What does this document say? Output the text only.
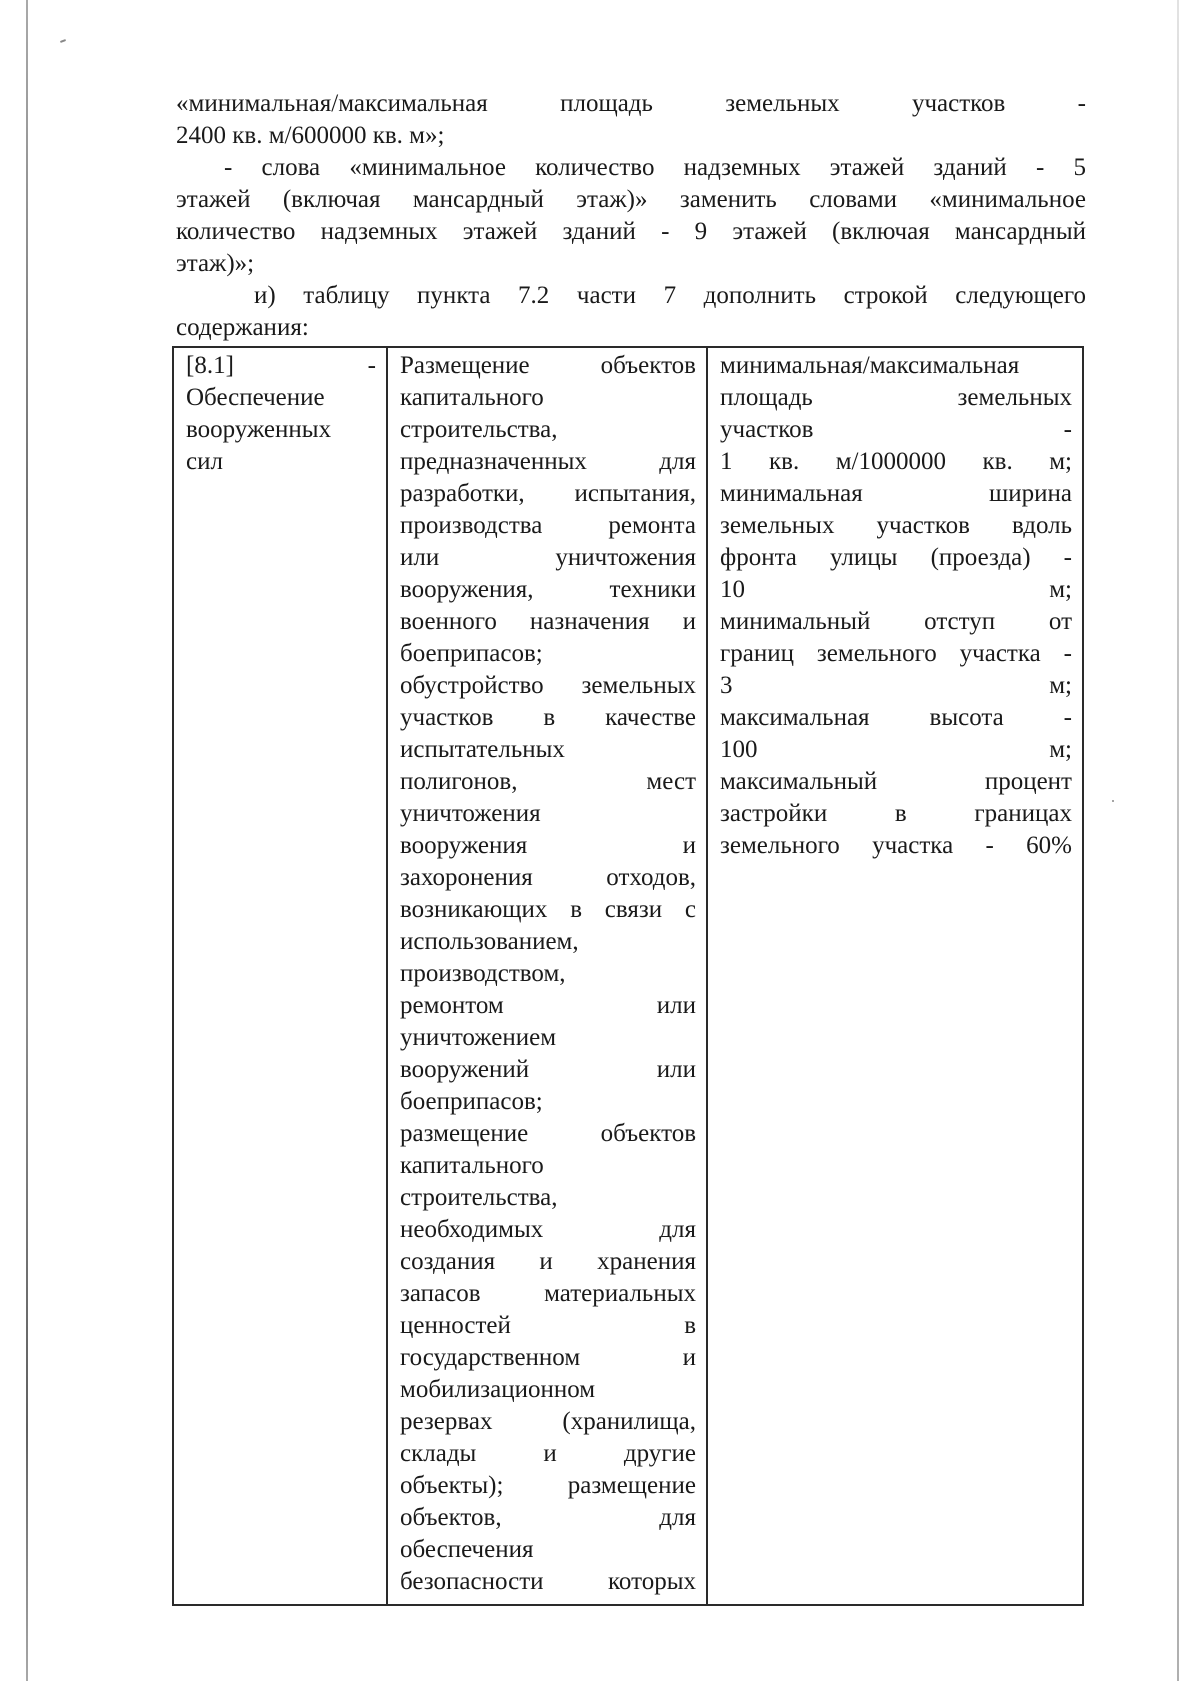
«минимальная/максимальная площадь земельных участков -
2400 кв. м/600000 кв. м»;
- слова «минимальное количество надземных этажей зданий - 5
этажей (включая мансардный этаж)» заменить словами «минимальное
количество надземных этажей зданий - 9 этажей (включая мансардный
этаж)»;
и) таблицу пункта 7.2 части 7 дополнить строкой следующего
содержания:
[8.1] -
Обеспечение
вооруженных
сил

Размещение объектов
капитального
строительства,
предназначенных для
разработки, испытания,
производства ремонта
или уничтожения
вооружения, техники
военного назначения и
боеприпасов;
обустройство земельных
участков в качестве
испытательных
полигонов, мест
уничтожения
вооружения и
захоронения отходов,
возникающих в связи с
использованием,
производством,
ремонтом или
уничтожением
вооружений или
боеприпасов;
размещение объектов
капитального
строительства,
необходимых для
создания и хранения
запасов материальных
ценностей в
государственном и
мобилизационном
резервах (хранилища,
склады и другие
объекты); размещение
объектов, для
обеспечения
безопасности которых

минимальная/максимальная
площадь земельных
участков -
1 кв. м/1000000 кв. м;
минимальная ширина
земельных участков вдоль
фронта улицы (проезда) -
10 м;
минимальный отступ от
границ земельного участка -
3 м;
максимальная высота -
100 м;
максимальный процент
застройки в границах
земельного участка - 60%
